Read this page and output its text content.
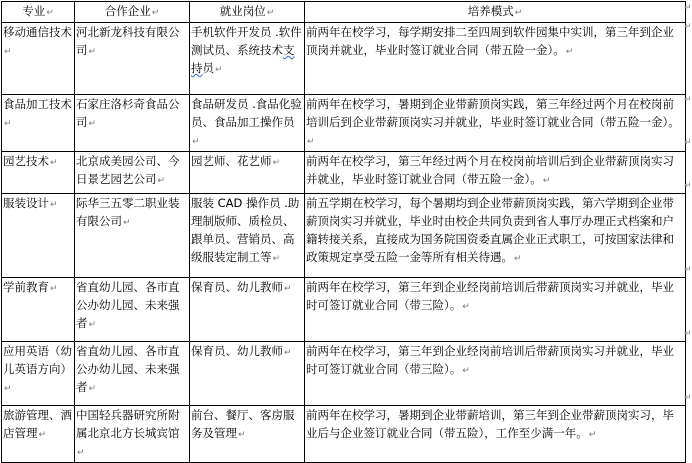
专业↵	合作企业↵	就业岗位↵	培养模式↵
移动通信技术↵	河北新龙科技有限公司↵	手机软件开发员 .软件测试员、系统技术支持员↵	前两年在校学习，每学期安排二至四周到软件园集中实训，第三年到企业顶岗并就业，毕业时签订就业合同（带五险一金）。↵
食品加工技术↵	石家庄洛杉奇食品公司↵	食品研发员 .食品化验员、食品加工操作员↵	前两年在校学习，暑期到企业带薪顶岗实践，第三年经过两个月在校岗前培训后到企业带薪顶岗实习并就业，毕业时签订就业合同（带五险一金）。↵
园艺技术↵	北京成美园公司、今日景艺园艺公司↵	园艺师、花艺师↵	前两年在校学习，第三年经过两个月在校岗前培训后到企业带薪顶岗实习并就业，毕业时签订就业合同（带五险一金）。↵
服装设计↵	际华三五零二职业装有限公司↵	服装 CAD 操作员 .助理制版师、质检员、跟单员、营销员、高级服装定制工等↵	前五学期在校学习，每个暑期均到企业带薪顶岗实践，第六学期到企业带薪顶岗实习并就业，毕业时由校企共同负责到省人事厅办理正式档案和户籍转接关系，直接成为国务院国资委直属企业正式职工，可按国家法律和政策规定享受五险一金等所有相关待遇。↵
学前教育↵	省直幼儿园、各市直公办幼儿园、未来强者↵	保育员、幼儿教师↵	前两年在校学习，第三年到企业经岗前培训后带薪顶岗实习并就业，毕业时可签订就业合同（带三险）。↵
应用英语（幼儿英语方向）↵	省直幼儿园、各市直公办幼儿园、未来强者↵	保育员、幼儿教师↵	前两年在校学习，第三年到企业经岗前培训后带薪顶岗实习并就业，毕业时可签订就业合同（带三险）。↵
旅游管理、酒店管理↵	中国轻兵器研究所附属北京北方长城宾馆↵	前台、餐厅、客房服务及管理↵	前两年在校学习，暑期到企业带薪培训，第三年到企业带薪顶岗实习，毕业后与企业签订就业合同（带五险），工作至少满一年。↵
↵
↵
↵
↵
↵
↵
↵
↵
